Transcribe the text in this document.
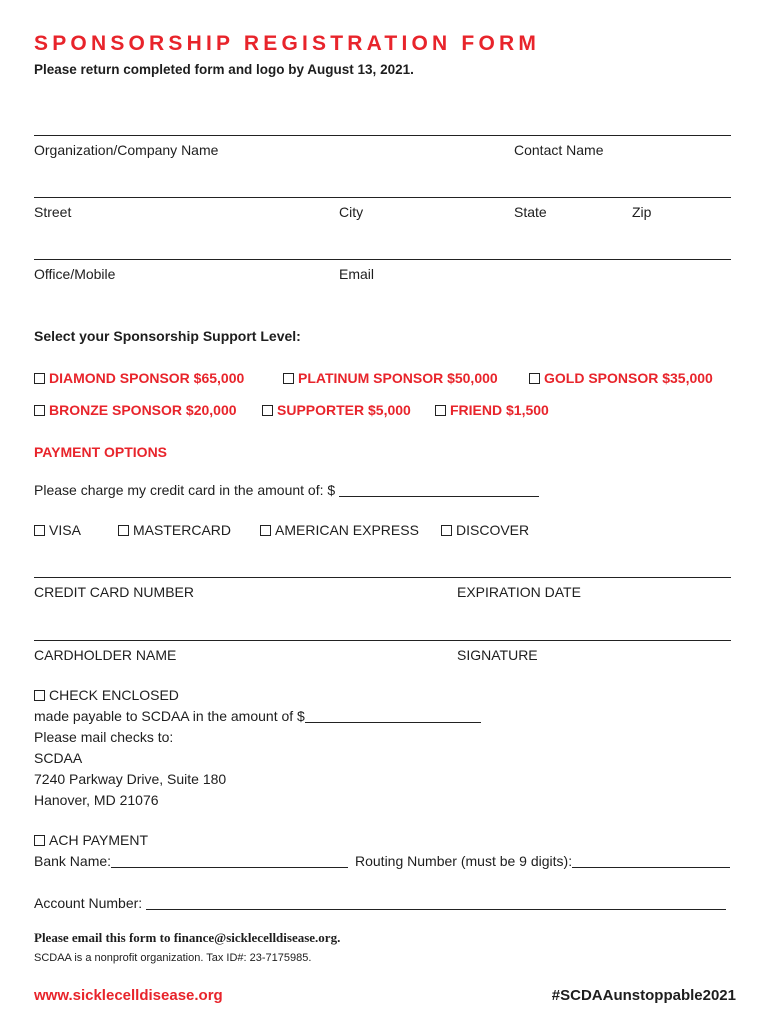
SPONSORSHIP REGISTRATION FORM
Please return completed form and logo by August 13, 2021.
Organization/Company Name	Contact Name
Street	City	State	Zip
Office/Mobile	Email
Select your Sponsorship Support Level:
DIAMOND SPONSOR $65,000	PLATINUM SPONSOR $50,000	GOLD SPONSOR $35,000
BRONZE SPONSOR $20,000	SUPPORTER $5,000	FRIEND $1,500
PAYMENT OPTIONS
Please charge my credit card in the amount of: $
VISA	MASTERCARD	AMERICAN EXPRESS	DISCOVER
CREDIT CARD NUMBER	EXPIRATION DATE
CARDHOLDER NAME	SIGNATURE
CHECK ENCLOSED
made payable to SCDAA in the amount of $
Please mail checks to:
SCDAA
7240 Parkway Drive, Suite 180
Hanover, MD 21076
ACH PAYMENT
Bank Name:	Routing Number (must be 9 digits):
Account Number:
Please email this form to finance@sicklecelldisease.org.
SCDAA is a nonprofit organization. Tax ID#: 23-7175985.
www.sicklecelldisease.org	#SCDAAunstoppable2021
